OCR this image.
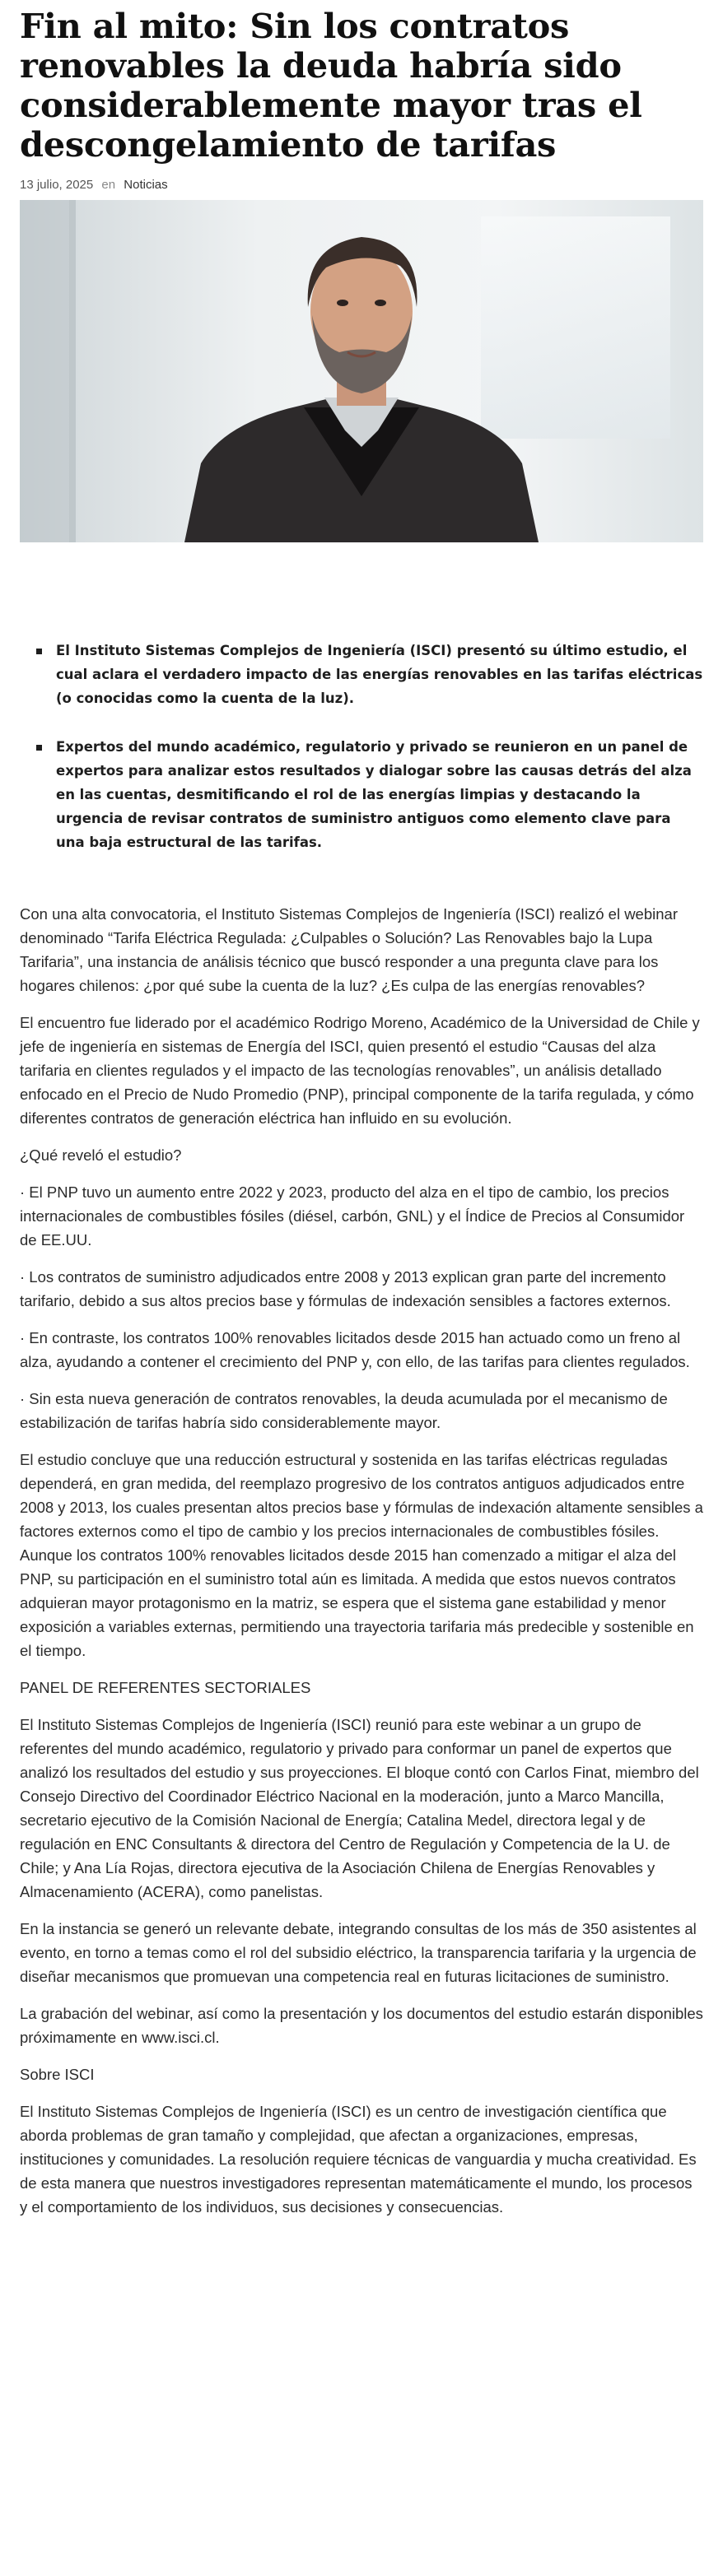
Fin al mito: Sin los contratos renovables la deuda habría sido considerablemente mayor tras el descongelamiento de tarifas
13 julio, 2025 en Noticias
El Instituto Sistemas Complejos de Ingeniería (ISCI) presentó su último estudio, el cual aclara el verdadero impacto de las energías renovables en las tarifas eléctricas (o conocidas como la cuenta de la luz).
Expertos del mundo académico, regulatorio y privado se reunieron en un panel de expertos para analizar estos resultados y dialogar sobre las causas detrás del alza en las cuentas, desmitificando el rol de las energías limpias y destacando la urgencia de revisar contratos de suministro antiguos como elemento clave para una baja estructural de las tarifas.

Con una alta convocatoria, el Instituto Sistemas Complejos de Ingeniería (ISCI) realizó el webinar denominado “Tarifa Eléctrica Regulada: ¿Culpables o Solución? Las Renovables bajo la Lupa Tarifaria”, una instancia de análisis técnico que buscó responder a una pregunta clave para los hogares chilenos: ¿por qué sube la cuenta de la luz? ¿Es culpa de las energías renovables?

El encuentro fue liderado por el académico Rodrigo Moreno, Académico de la Universidad de Chile y jefe de ingeniería en sistemas de Energía del ISCI, quien presentó el estudio “Causas del alza tarifaria en clientes regulados y el impacto de las tecnologías renovables”, un análisis detallado enfocado en el Precio de Nudo Promedio (PNP), principal componente de la tarifa regulada, y cómo diferentes contratos de generación eléctrica han influido en su evolución.

¿Qué reveló el estudio?

· El PNP tuvo un aumento entre 2022 y 2023, producto del alza en el tipo de cambio, los precios internacionales de combustibles fósiles (diésel, carbón, GNL) y el Índice de Precios al Consumidor de EE.UU.

· Los contratos de suministro adjudicados entre 2008 y 2013 explican gran parte del incremento tarifario, debido a sus altos precios base y fórmulas de indexación sensibles a factores externos.

· En contraste, los contratos 100% renovables licitados desde 2015 han actuado como un freno al alza, ayudando a contener el crecimiento del PNP y, con ello, de las tarifas para clientes regulados.

· Sin esta nueva generación de contratos renovables, la deuda acumulada por el mecanismo de estabilización de tarifas habría sido considerablemente mayor.

El estudio concluye que una reducción estructural y sostenida en las tarifas eléctricas reguladas dependerá, en gran medida, del reemplazo progresivo de los contratos antiguos adjudicados entre 2008 y 2013, los cuales presentan altos precios base y fórmulas de indexación altamente sensibles a factores externos como el tipo de cambio y los precios internacionales de combustibles fósiles. Aunque los contratos 100% renovables licitados desde 2015 han comenzado a mitigar el alza del PNP, su participación en el suministro total aún es limitada. A medida que estos nuevos contratos adquieran mayor protagonismo en la matriz, se espera que el sistema gane estabilidad y menor exposición a variables externas, permitiendo una trayectoria tarifaria más predecible y sostenible en el tiempo.

PANEL DE REFERENTES SECTORIALES

El Instituto Sistemas Complejos de Ingeniería (ISCI) reunió para este webinar a un grupo de referentes del mundo académico, regulatorio y privado para conformar un panel de expertos que analizó los resultados del estudio y sus proyecciones. El bloque contó con Carlos Finat, miembro del Consejo Directivo del Coordinador Eléctrico Nacional en la moderación, junto a Marco Mancilla, secretario ejecutivo de la Comisión Nacional de Energía; Catalina Medel, directora legal y de regulación en ENC Consultants & directora del Centro de Regulación y Competencia de la U. de Chile; y Ana Lía Rojas, directora ejecutiva de la Asociación Chilena de Energías Renovables y Almacenamiento (ACERA), como panelistas.

En la instancia se generó un relevante debate, integrando consultas de los más de 350 asistentes al evento, en torno a temas como el rol del subsidio eléctrico, la transparencia tarifaria y la urgencia de diseñar mecanismos que promuevan una competencia real en futuras licitaciones de suministro.

La grabación del webinar, así como la presentación y los documentos del estudio estarán disponibles próximamente en www.isci.cl.

Sobre ISCI

El Instituto Sistemas Complejos de Ingeniería (ISCI) es un centro de investigación científica que aborda problemas de gran tamaño y complejidad, que afectan a organizaciones, empresas, instituciones y comunidades. La resolución requiere técnicas de vanguardia y mucha creatividad. Es de esta manera que nuestros investigadores representan matemáticamente el mundo, los procesos y el comportamiento de los individuos, sus decisiones y consecuencias.
